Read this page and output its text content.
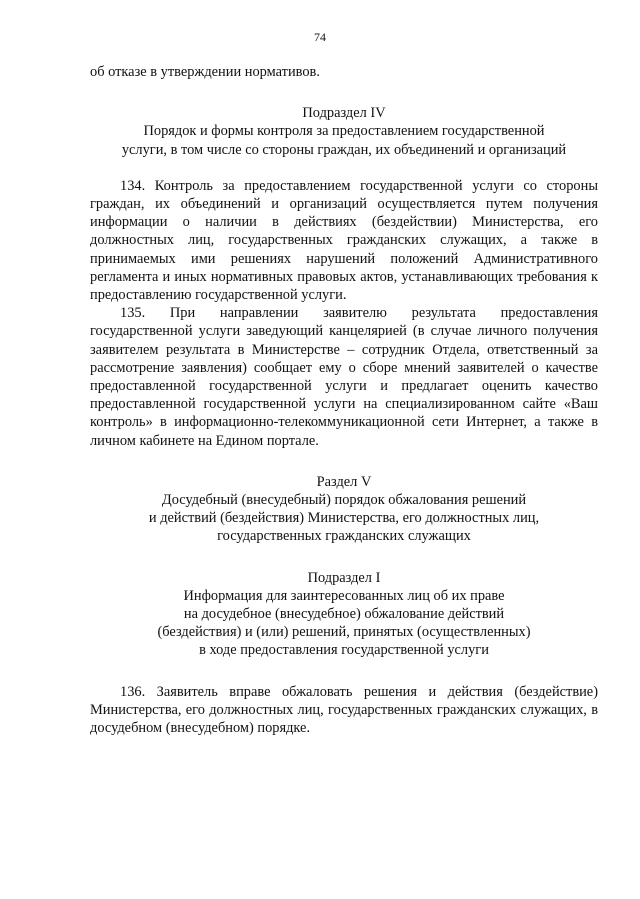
74

об отказе в утверждении нормативов.

Подраздел IV
Порядок и формы контроля за предоставлением государственной
услуги, в том числе со стороны граждан, их объединений и организаций

134. Контроль за предоставлением государственной услуги со стороны граждан, их объединений и организаций осуществляется путем получения информации о наличии в действиях (бездействии) Министерства, его должностных лиц, государственных гражданских служащих, а также в принимаемых ими решениях нарушений положений Административного регламента и иных нормативных правовых актов, устанавливающих требования к предоставлению государственной услуги.

135. При направлении заявителю результата предоставления государственной услуги заведующий канцелярией (в случае личного получения заявителем результата в Министерстве – сотрудник Отдела, ответственный за рассмотрение заявления) сообщает ему о сборе мнений заявителей о качестве предоставленной государственной услуги и предлагает оценить качество предоставленной государственной услуги на специализированном сайте «Ваш контроль» в информационно-телекоммуникационной сети Интернет, а также в личном кабинете на Едином портале.

Раздел V
Досудебный (внесудебный) порядок обжалования решений
и действий (бездействия) Министерства, его должностных лиц,
государственных гражданских служащих
Подраздел I
Информация для заинтересованных лиц об их праве
на досудебное (внесудебное) обжалование действий
(бездействия) и (или) решений, принятых (осуществленных)
в ходе предоставления государственной услуги

136. Заявитель вправе обжаловать решения и действия (бездействие) Министерства, его должностных лиц, государственных гражданских служащих, в досудебном (внесудебном) порядке.
